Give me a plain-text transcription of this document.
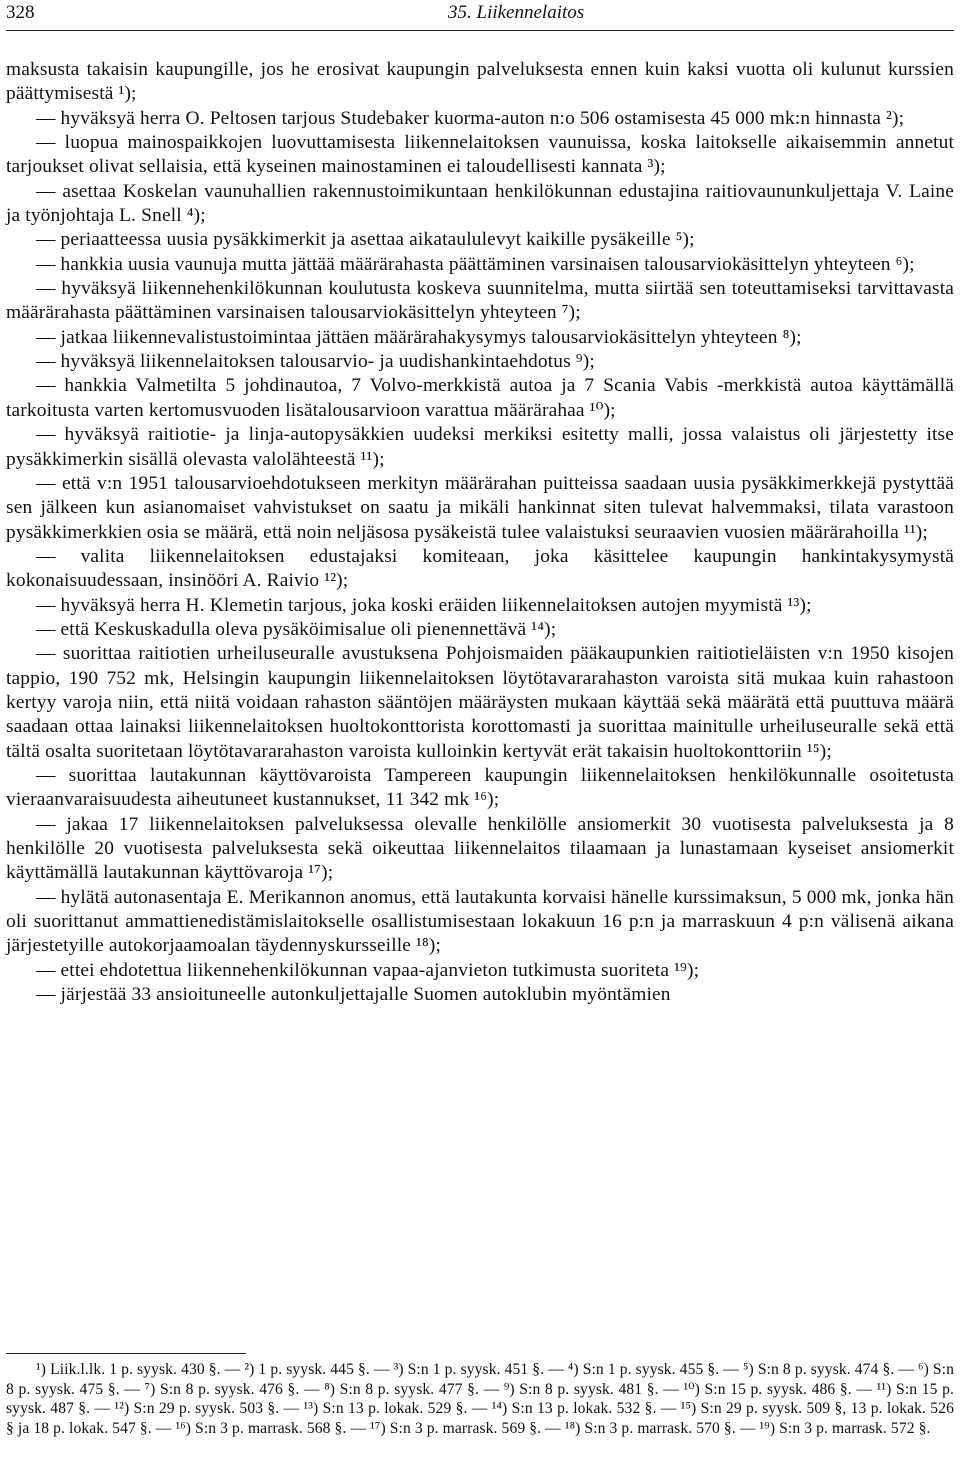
328	35. Liikennelaitos

maksusta takaisin kaupungille, jos he erosivat kaupungin palveluksesta ennen kuin kaksi vuotta oli kulunut kurssien päättymisestä ¹);

— hyväksyä herra O. Peltosen tarjous Studebaker kuorma-auton n:o 506 ostamisesta 45 000 mk:n hinnasta ²);

— luopua mainospaikkojen luovuttamisesta liikennelaitoksen vaunuissa, koska laitokselle aikaisemmin annetut tarjoukset olivat sellaisia, että kyseinen mainostaminen ei taloudellisesti kannata ³);

— asettaa Koskelan vaunuhallien rakennustoimikuntaan henkilökunnan edustajina raitiovaununkuljettaja V. Laine ja työnjohtaja L. Snell ⁴);

— periaatteessa uusia pysäkkimerkit ja asettaa aikataululevyt kaikille pysäkeille ⁵);

— hankkia uusia vaunuja mutta jättää määrärahasta päättäminen varsinaisen talousarviokäsittelyn yhteyteen ⁶);

— hyväksyä liikennehenkilökunnan koulutusta koskeva suunnitelma, mutta siirtää sen toteuttamiseksi tarvittavasta määrärahasta päättäminen varsinaisen talousarviokäsittelyn yhteyteen ⁷);

— jatkaa liikennevalistustoimintaa jättäen määrärahakysymys talousarviokäsittelyn yhteyteen ⁸);

— hyväksyä liikennelaitoksen talousarvio- ja uudishankintaehdotus ⁹);

— hankkia Valmetilta 5 johdinautoa, 7 Volvo-merkkistä autoa ja 7 Scania Vabis -merkkistä autoa käyttämällä tarkoitusta varten kertomusvuoden lisätalousarvioon varattua määrärahaa ¹⁰);

— hyväksyä raitiotie- ja linja-autopysäkkien uudeksi merkiksi esitetty malli, jossa valaistus oli järjestetty itse pysäkkimerkin sisällä olevasta valolähteestä ¹¹);

— että v:n 1951 talousarvioehdotukseen merkityn määrärahan puitteissa saadaan uusia pysäkkimerkkejä pystyttää sen jälkeen kun asianomaiset vahvistukset on saatu ja mikäli hankinnat siten tulevat halvemmaksi, tilata varastoon pysäkkimerkkien osia se määrä, että noin neljäsosa pysäkeistä tulee valaistuksi seuraavien vuosien määrärahoilla ¹¹);

— valita liikennelaitoksen edustajaksi komiteaan, joka käsittelee kaupungin hankintakysymystä kokonaisuudessaan, insinööri A. Raivio ¹²);

— hyväksyä herra H. Klemetin tarjous, joka koski eräiden liikennelaitoksen autojen myymistä ¹³);

— että Keskuskadulla oleva pysäköimisalue oli pienennettävä ¹⁴);

— suorittaa raitiotien urheiluseuralle avustuksena Pohjoismaiden pääkaupunkien raitiotieläisten v:n 1950 kisojen tappio, 190 752 mk, Helsingin kaupungin liikennelaitoksen löytötavararahaston varoista sitä mukaa kuin rahastoon kertyy varoja niin, että niitä voidaan rahaston sääntöjen määräysten mukaan käyttää sekä määrätä että puuttuva määrä saadaan ottaa lainaksi liikennelaitoksen huoltokonttorista korottomasti ja suorittaa mainitulle urheiluseuralle sekä että tältä osalta suoritetaan löytötavararahaston varoista kulloinkin kertyvät erät takaisin huoltokonttoriin ¹⁵);

— suorittaa lautakunnan käyttövaroista Tampereen kaupungin liikennelaitoksen henkilökunnalle osoitetusta vieraanvaraisuudesta aiheutuneet kustannukset, 11 342 mk ¹⁶);

— jakaa 17 liikennelaitoksen palveluksessa olevalle henkilölle ansiomerkit 30 vuotisesta palveluksesta ja 8 henkilölle 20 vuotisesta palveluksesta sekä oikeuttaa liikennelaitos tilaamaan ja lunastamaan kyseiset ansiomerkit käyttämällä lautakunnan käyttövaroja ¹⁷);

— hylätä autonasentaja E. Merikannon anomus, että lautakunta korvaisi hänelle kurssimaksun, 5 000 mk, jonka hän oli suorittanut ammattienedistämislaitokselle osallistumisestaan lokakuun 16 p:n ja marraskuun 4 p:n välisenä aikana järjestetyille autokorjaamoalan täydennyskursseille ¹⁸);

— ettei ehdotettua liikennehenkilökunnan vapaa-ajanvieton tutkimusta suoriteta ¹⁹);

— järjestää 33 ansioituneelle autonkuljettajalle Suomen autoklubin myöntämien

¹) Liik.l.lk. 1 p. syysk. 430 §. — ²) 1 p. syysk. 445 §. — ³) S:n 1 p. syysk. 451 §. — ⁴) S:n 1 p. syysk. 455 §. — ⁵) S:n 8 p. syysk. 474 §. — ⁶) S:n 8 p. syysk. 475 §. — ⁷) S:n 8 p. syysk. 476 §. — ⁸) S:n 8 p. syysk. 477 §. — ⁹) S:n 8 p. syysk. 481 §. — ¹⁰) S:n 15 p. syysk. 486 §. — ¹¹) S:n 15 p. syysk. 487 §. — ¹²) S:n 29 p. syysk. 503 §. — ¹³) S:n 13 p. lokak. 529 §. — ¹⁴) S:n 13 p. lokak. 532 §. — ¹⁵) S:n 29 p. syysk. 509 §, 13 p. lokak. 526 § ja 18 p. lokak. 547 §. — ¹⁶) S:n 3 p. marrask. 568 §. — ¹⁷) S:n 3 p. marrask. 569 §. — ¹⁸) S:n 3 p. marrask. 570 §. — ¹⁹) S:n 3 p. marrask. 572 §.
